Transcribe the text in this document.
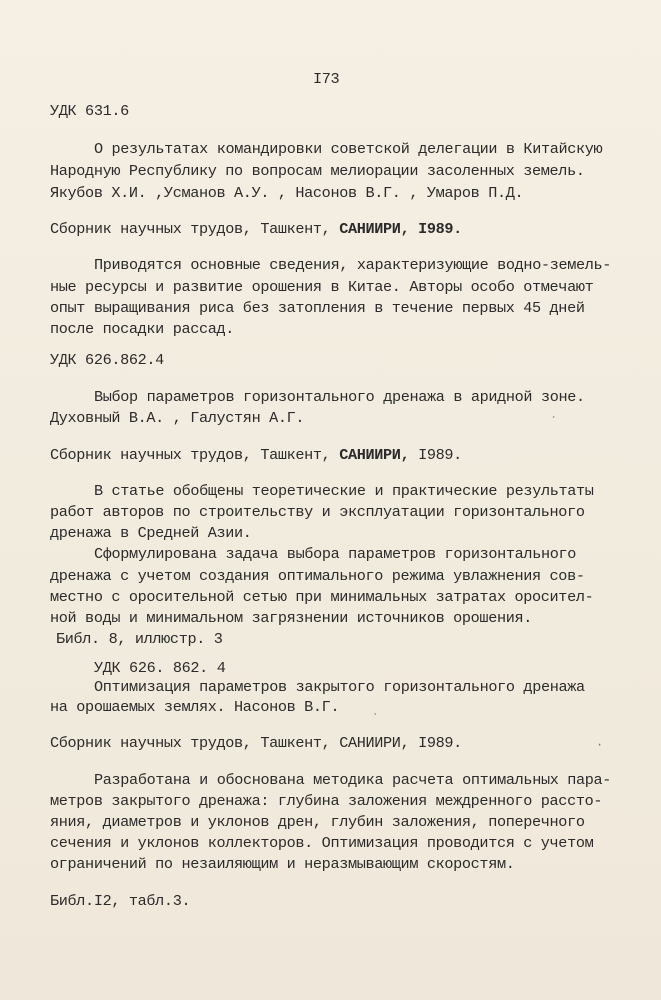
I73
УДК 631.6
О результатах командировки советской делегации в Китайскую
Народную Республику по вопросам мелиорации засоленных земель.
Якубов Х.И. ,Усманов А.У. , Насонов В.Г. , Умаров П.Д.
Сборник научных трудов, Ташкент, САНИИРИ, I989.
Приводятся основные сведения, характеризующие водно-земель-
ные ресурсы и развитие орошения в Китае. Авторы особо отмечают
опыт выращивания риса без затопления в течение первых 45 дней
после посадки рассад.
УДК 626.862.4
Выбор параметров горизонтального дренажа в аридной зоне.
Духовный В.А. , Галустян А.Г.
Сборник научных трудов, Ташкент, САНИИРИ, I989.
В статье обобщены теоретические и практические результаты
работ авторов по строительству и эксплуатации горизонтального
дренажа в Средней Азии.
Сформулирована задача выбора параметров горизонтального
дренажа с учетом создания оптимального режима увлажнения сов-
местно с оросительной сетью при минимальных затратах оросител-
ной воды и минимальном загрязнении источников орошения.
Библ. 8, иллюстр. 3
УДК 626. 862. 4
Оптимизация параметров закрытого горизонтального дренажа
на орошаемых землях. Насонов В.Г.
Сборник научных трудов, Ташкент, САНИИРИ, I989.
Разработана и обоснована методика расчета оптимальных пара-
метров закрытого дренажа: глубина заложения междренного рассто-
яния, диаметров и уклонов дрен, глубин заложения, поперечного
сечения и уклонов коллекторов. Оптимизация проводится с учетом
ограничений по незаиляющим и неразмывающим скоростям.
Библ.I2, табл.3.
ˊ
ˋ
·
